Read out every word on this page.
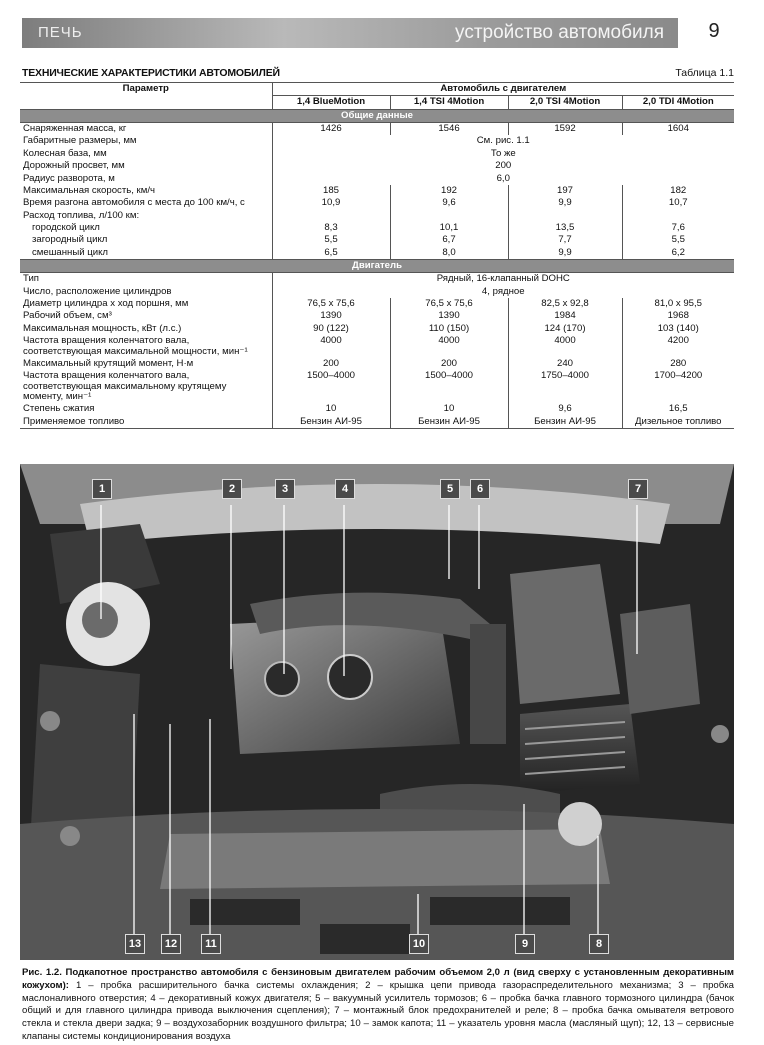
ПЕЧЬ	устройство автомобиля	9
ТЕХНИЧЕСКИЕ ХАРАКТЕРИСТИКИ АВТОМОБИЛЕЙ	Таблица 1.1
Параметр	Автомобиль с двигателем			
	1,4 BlueMotion	1,4 TSI 4Motion	2,0 TSI 4Motion	2,0 TDI 4Motion
Общие данные				
Снаряженная масса, кг	1426	1546	1592	1604
Габаритные размеры, мм	См. рис. 1.1			
Колесная база, мм	То же			
Дорожный просвет, мм	200			
Радиус разворота, м	6,0			
Максимальная скорость, км/ч	185	192	197	182
Время разгона автомобиля с места до 100 км/ч, с	10,9	9,6	9,9	10,7
Расход топлива, л/100 км:				
городской цикл	8,3	10,1	13,5	7,6
загородный цикл	5,5	6,7	7,7	5,5
смешанный цикл	6,5	8,0	9,9	6,2
Двигатель				
Тип	Рядный, 16-клапанный DOHC			
Число, расположение цилиндров	4, рядное			
Диаметр цилиндра х ход поршня, мм	76,5 х 75,6	76,5 х 75,6	82,5 х 92,8	81,0 х 95,5
Рабочий объем, см³	1390	1390	1984	1968
Максимальная мощность, кВт (л.с.)	90 (122)	110 (150)	124 (170)	103 (140)
Частота вращения коленчатого вала, соответствующая максимальной мощности, мин⁻¹	4000	4000	4000	4200
Максимальный крутящий момент, Н·м	200	200	240	280
Частота вращения коленчатого вала, соответствующая максимальному крутящему моменту, мин⁻¹	1500–4000	1500–4000	1750–4000	1700–4200
Степень сжатия	10	10	9,6	16,5
Применяемое топливо	Бензин АИ-95	Бензин АИ-95	Бензин АИ-95	Дизельное топливо
1	2	3	4	5	6	7
13	12	11	10	9	8
Рис. 1.2. Подкапотное пространство автомобиля с бензиновым двигателем рабочим объемом 2,0 л (вид сверху с установленным декоративным кожухом): 1 – пробка расширительного бачка системы охлаждения; 2 – крышка цепи привода газораспределительного механизма; 3 – пробка маслоналивного отверстия; 4 – декоративный кожух двигателя; 5 – вакуумный усилитель тормозов; 6 – пробка бачка главного тормозного цилиндра (бачок общий и для главного цилиндра привода выключения сцепления); 7 – монтажный блок предохранителей и реле; 8 – пробка бачка омывателя ветрового стекла и стекла двери задка; 9 – воздухозаборник воздушного фильтра; 10 – замок капота; 11 – указатель уровня масла (масляный щуп); 12, 13 – сервисные клапаны системы кондиционирования воздуха
